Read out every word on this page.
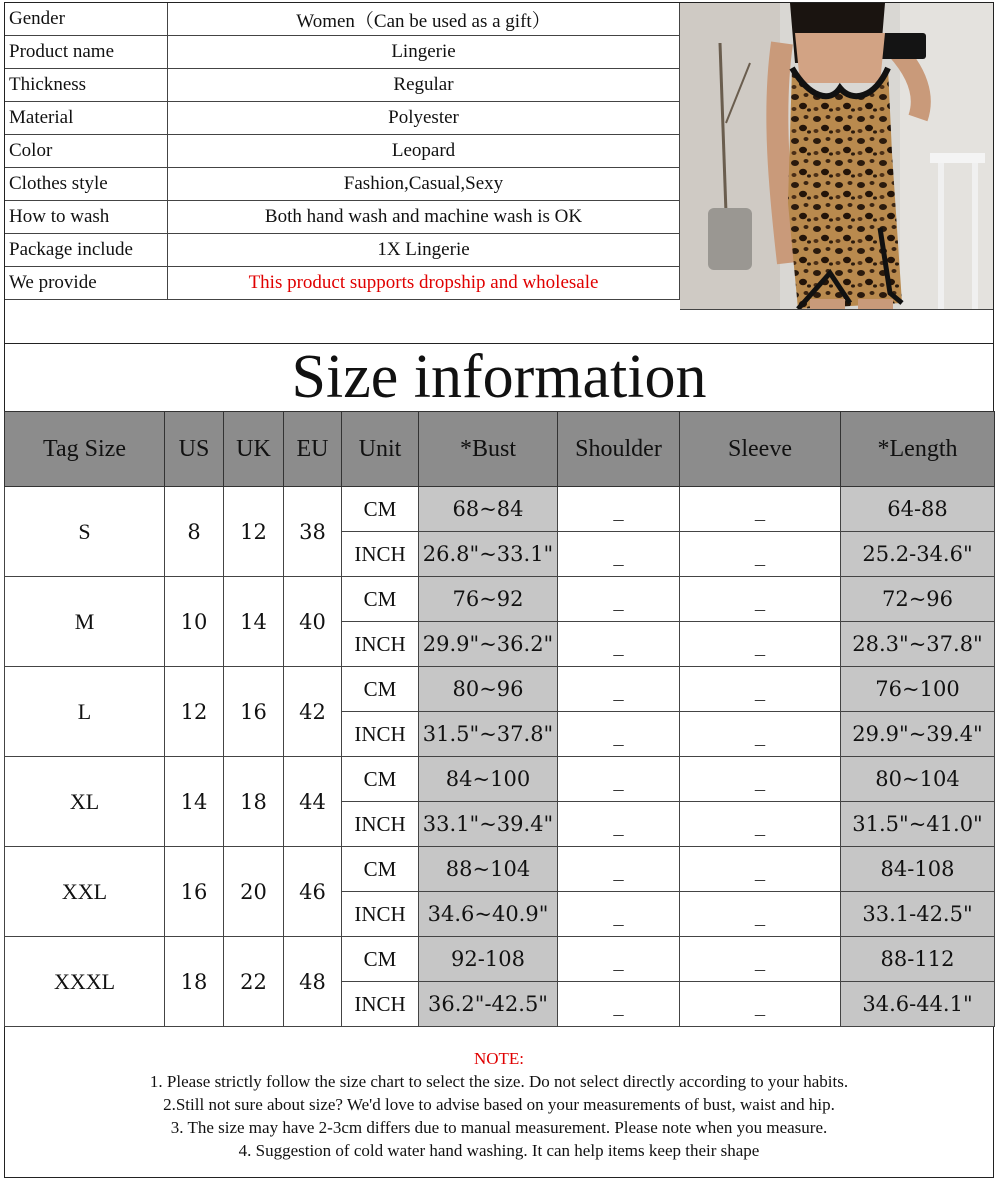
Gender	Women（Can be used as a gift）
Product name	Lingerie
Thickness	Regular
Material	Polyester
Color	Leopard
Clothes style	Fashion,Casual,Sexy
How to wash	Both hand wash and machine wash is OK
Package include	1X Lingerie
We provide	This product supports dropship and wholesale
Size information
Tag Size	US	UK	EU	Unit	*Bust	Shoulder	Sleeve	*Length
S	8	12	38	CM	68~84	_	_	64-88
				INCH	26.8"~33.1"	_	_	25.2-34.6"
M	10	14	40	CM	76~92	_	_	72~96
				INCH	29.9"~36.2"	_	_	28.3"~37.8"
L	12	16	42	CM	80~96	_	_	76~100
				INCH	31.5"~37.8"	_	_	29.9"~39.4"
XL	14	18	44	CM	84~100	_	_	80~104
				INCH	33.1"~39.4"	_	_	31.5"~41.0"
XXL	16	20	46	CM	88~104	_	_	84-108
				INCH	34.6~40.9"	_	_	33.1-42.5"
XXXL	18	22	48	CM	92-108	_	_	88-112
				INCH	36.2"-42.5"	_	_	34.6-44.1"
NOTE:
1. Please strictly follow the size chart to select the size. Do not select directly according to your habits.
2.Still not sure about size? We'd love to advise based on your measurements of bust, waist and hip.
3. The size may have 2-3cm differs due to manual measurement. Please note when you measure.
4. Suggestion of cold water hand washing. It can help items keep their shape
